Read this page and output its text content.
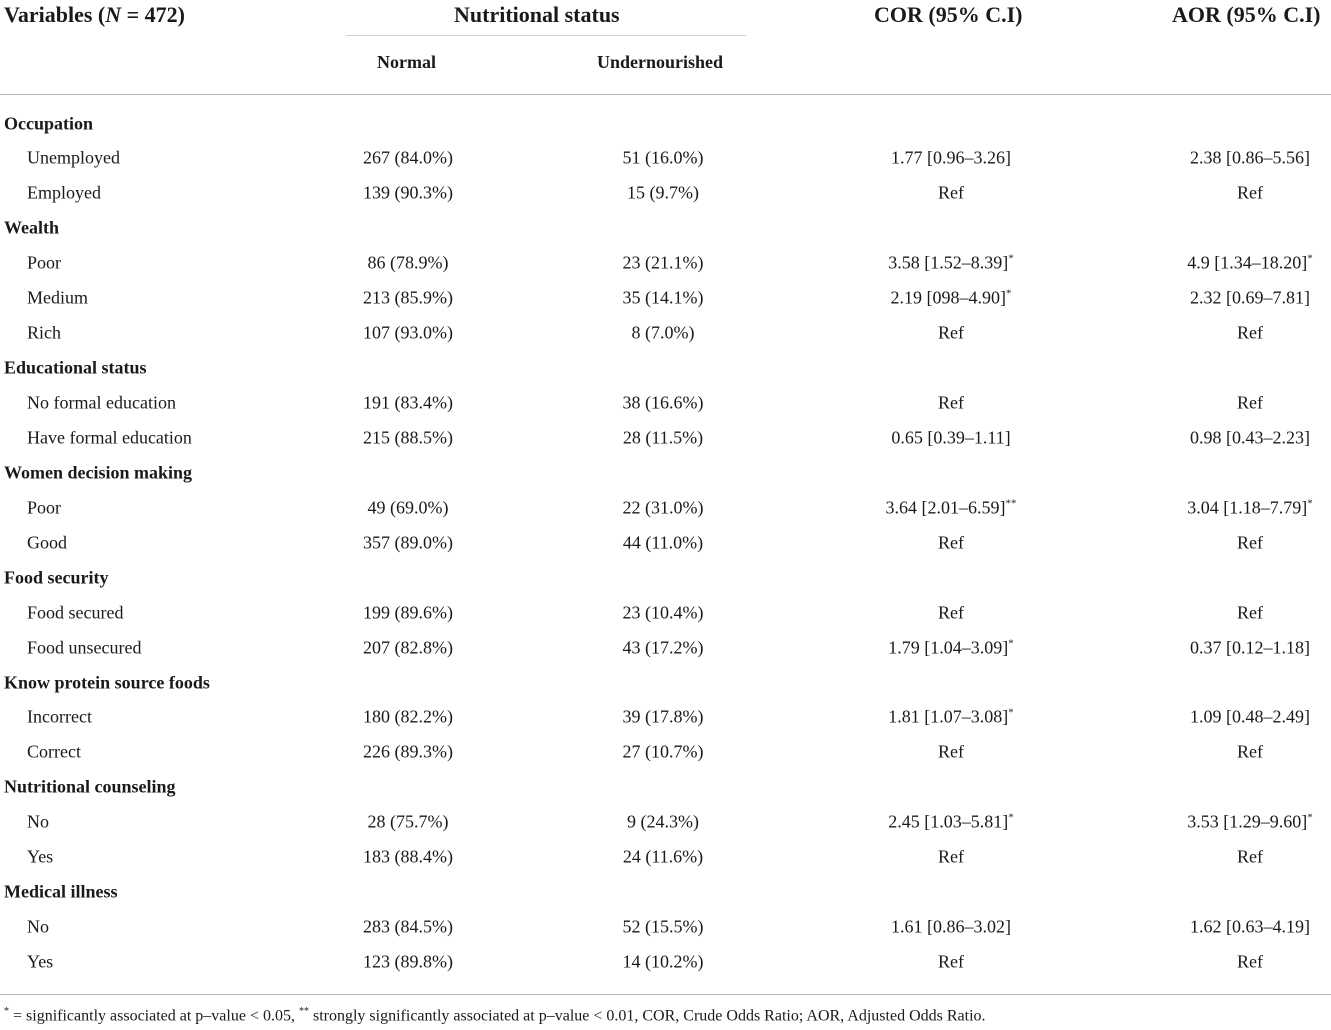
Variables (N = 472)	Nutritional status	COR (95% C.I)	AOR (95% C.I)
Normal	Undernourished
Occupation
Unemployed	267 (84.0%)	51 (16.0%)	1.77 [0.96–3.26]	2.38 [0.86–5.56]
Employed	139 (90.3%)	15 (9.7%)	Ref	Ref
Wealth
Poor	86 (78.9%)	23 (21.1%)	3.58 [1.52–8.39]*	4.9 [1.34–18.20]*
Medium	213 (85.9%)	35 (14.1%)	2.19 [098–4.90]*	2.32 [0.69–7.81]
Rich	107 (93.0%)	8 (7.0%)	Ref	Ref
Educational status
No formal education	191 (83.4%)	38 (16.6%)	Ref	Ref
Have formal education	215 (88.5%)	28 (11.5%)	0.65 [0.39–1.11]	0.98 [0.43–2.23]
Women decision making
Poor	49 (69.0%)	22 (31.0%)	3.64 [2.01–6.59]**	3.04 [1.18–7.79]*
Good	357 (89.0%)	44 (11.0%)	Ref	Ref
Food security
Food secured	199 (89.6%)	23 (10.4%)	Ref	Ref
Food unsecured	207 (82.8%)	43 (17.2%)	1.79 [1.04–3.09]*	0.37 [0.12–1.18]
Know protein source foods
Incorrect	180 (82.2%)	39 (17.8%)	1.81 [1.07–3.08]*	1.09 [0.48–2.49]
Correct	226 (89.3%)	27 (10.7%)	Ref	Ref
Nutritional counseling
No	28 (75.7%)	9 (24.3%)	2.45 [1.03–5.81]*	3.53 [1.29–9.60]*
Yes	183 (88.4%)	24 (11.6%)	Ref	Ref
Medical illness
No	283 (84.5%)	52 (15.5%)	1.61 [0.86–3.02]	1.62 [0.63–4.19]
Yes	123 (89.8%)	14 (10.2%)	Ref	Ref
* = significantly associated at p–value < 0.05, ** strongly significantly associated at p–value < 0.01, COR, Crude Odds Ratio; AOR, Adjusted Odds Ratio.
